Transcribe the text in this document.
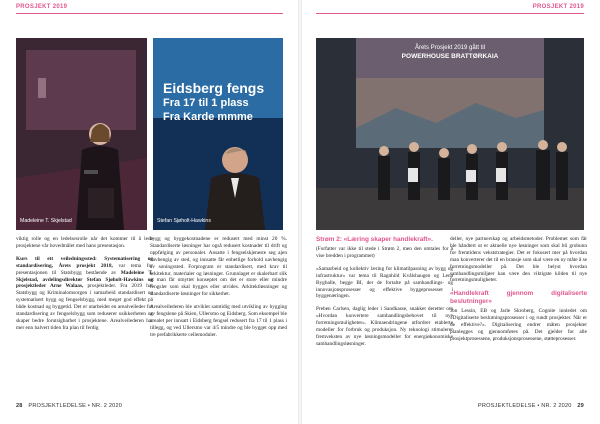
PROSJEKT 2019
Madeleine T. Skjelstad
Eidsberg fengs
Fra 17 til 1 plass
Fra Karde mmme
Stefan Sjøholt-Hawkins

viktig rolle og en ledelsesrolle når det kommer til å lede prosjektene vår hovedmålet med hans presentasjon.

Kurs til ett veiledningssted: Systematisering og standardisering, Årets prosjekt 2018, var tema for presentasjonen til Statsbygg bestående av Madeleine T. Skjelstad, avdelingsdirektør Stefan Sjøholt-Hawkins og prosjektleder Arne Walaas, prosjektleder. Fra 2019 har Statsbygg og Kriminalomsorgen i samarbeid standardisert og systematisert bygg og fengselsbygg, med meget god effekt på både kostnad og byggetid. Det er utarbeidet en arealveileder for standardisering av fengselsbygg som reduserer usikkerheten og skaper bedre forutsigbarhet i prosjektene. Arealveilederen har mer enn halvert tiden fra plan til ferdig

bygg og byggekostnadene er redusert med minst 20 %. Standardiserte løsninger har også redusert kostnader til drift og oppfølging av personalet. Ansatte i fengselskjeneste seg ajen uavhengig av sted, og innsatte får enhetlige forhold uavhengig av soningssted. Forprogram er standardisert, med krav til arkitektur, materialer og løsninger. Grunnlaget er skalerbart slik at man får utnyttet konseptet om det er store eller mindre fengsler som skal bygges eller utvides. Arkitektløsninger og standardiserte løsninger for sikkerhet.

Arealveilederen ble utviklet samtidig med utvikling av bygging av fengslene på Skien, Ullersmo og Eidsberg. Som eksempel ble arealet per innsatt i Eidsberg fengsel redusert fra 17 til 1 plass i tillegg, og ved Ullersmo var 4/5 mindre og ble bygget opp med tre prefabrikkerte cellemoduler.

28 PROSJEKTLEDELSE • NR. 2 2020
PROSJEKT 2019
Årets Prosjekt 2019 gått til
POWERHOUSE BRATTØRKAIA
Strøm 2: «Læring skaper handlekraft».

(Forfatter var ikke til stede i Strøm 2, men den omtales for å vise bredden i programmet)

«Samarbeid og kollektiv læring for klimatilpasning av bygg og infrastruktur» var tema til Ragnhild Kvålshaugen og Lena Bygballe, begge BI, der de fortalte på samhandlings- og innovasjonsprosesser og effektive byggeprosesser i byggenæringen.

Preben Carlsen, daglig leder i Sandkasse, snakket deretter om «Hvordan konvertere samhandlingsbehovet til nye forretningsmuligheter». Klimaendringene utfordrer etablerte modeller for forbruk og produksjon. Ny teknologi stimulerer fremveksten av nye løsningsmodeller for energiøkonomiske samhandlingsløsninger.

deller, nye partnerskap og arbeidsmetoder. Problemet som får ble håndtert ut er aktuelle nye løsninger som skal bli grobunn for fremtidens vekststrategier. Det er fokusert mer på hvordan man konverterer det til en bransje som skal være en ny måte å se forretningsmodeller på. Det ble belyst hvordan samhandlingsmiljøer kan være den viktigste kilden til nye forretningsmuligheter.

«Handlekraft gjennom digitaliserte beslutninger»

Jon Lessin, EB og Jarle Skroberg, Cognite innledet om «Digitaliserte beslutningsprosesser i og rundt prosjekter. Når er de effektive?». Digitalisering endrer måten prosjekter planlegges og gjennomføres på. Det gjelder for alle prosjektprosessene, produksjonsprosessene, støtteprosesser.

PROSJEKTLEDELSE • NR. 2 2020 29
